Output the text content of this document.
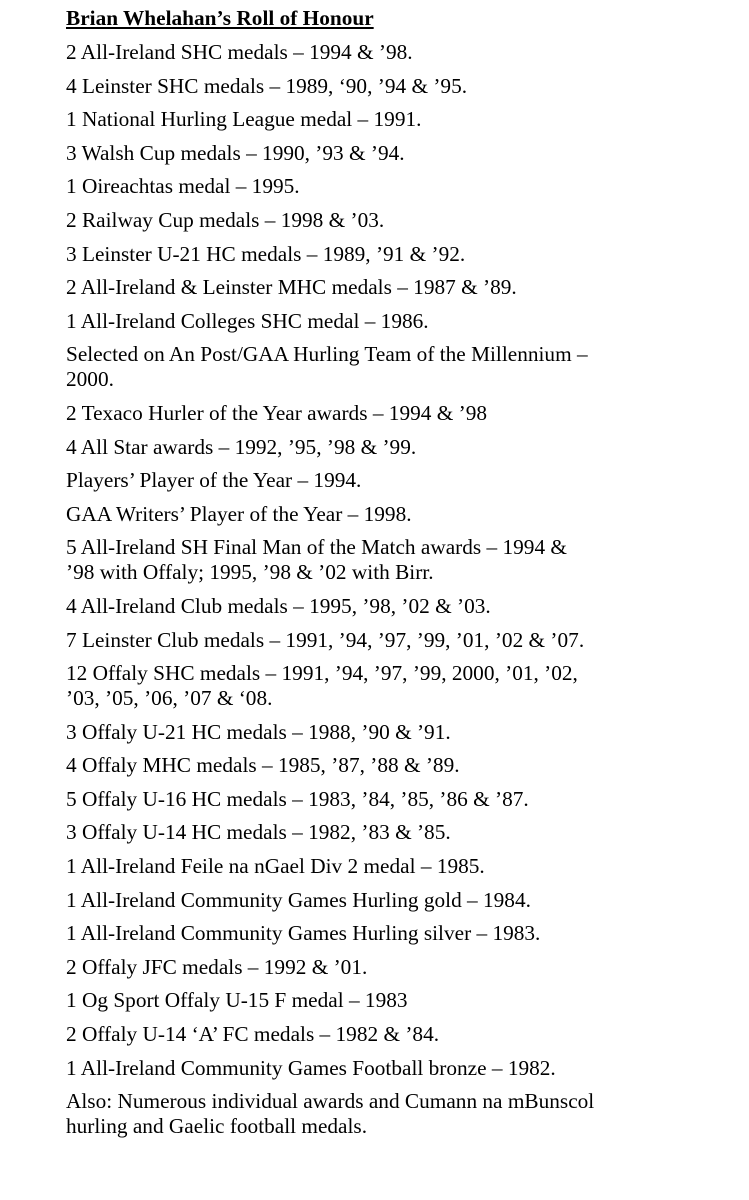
Brian Whelahan’s Roll of Honour
2 All-Ireland SHC medals – 1994 & ’98.
4 Leinster SHC medals – 1989, ‘90, ’94 & ’95.
1 National Hurling League medal – 1991.
3 Walsh Cup medals – 1990, ’93 & ’94.
1 Oireachtas medal – 1995.
2 Railway Cup medals – 1998 & ’03.
3 Leinster U-21 HC medals – 1989, ’91 & ’92.
2 All-Ireland & Leinster MHC medals – 1987 & ’89.
1 All-Ireland Colleges SHC medal – 1986.
Selected on An Post/GAA Hurling Team of the Millennium –
2000.
2 Texaco Hurler of the Year awards – 1994 & ’98
4 All Star awards – 1992, ’95, ’98 & ’99.
Players’ Player of the Year – 1994.
GAA Writers’ Player of the Year – 1998.
5 All-Ireland SH Final Man of the Match awards – 1994 &
’98 with Offaly; 1995, ’98 & ’02 with Birr.
4 All-Ireland Club medals – 1995, ’98, ’02 & ’03.
7 Leinster Club medals – 1991, ’94, ’97, ’99, ’01, ’02 & ’07.
12 Offaly SHC medals – 1991, ’94, ’97, ’99, 2000, ’01, ’02,
’03, ’05, ’06, ’07 & ‘08.
3 Offaly U-21 HC medals – 1988, ’90 & ’91.
4 Offaly MHC medals – 1985, ’87, ’88 & ’89.
5 Offaly U-16 HC medals – 1983, ’84, ’85, ’86 & ’87.
3 Offaly U-14 HC medals – 1982, ’83 & ’85.
1 All-Ireland Feile na nGael Div 2 medal – 1985.
1 All-Ireland Community Games Hurling gold – 1984.
1 All-Ireland Community Games Hurling silver – 1983.
2 Offaly JFC medals – 1992 & ’01.
1 Og Sport Offaly U-15 F medal – 1983
2 Offaly U-14 ‘A’ FC medals – 1982 & ’84.
1 All-Ireland Community Games Football bronze – 1982.
Also: Numerous individual awards and Cumann na mBunscol
hurling and Gaelic football medals.
